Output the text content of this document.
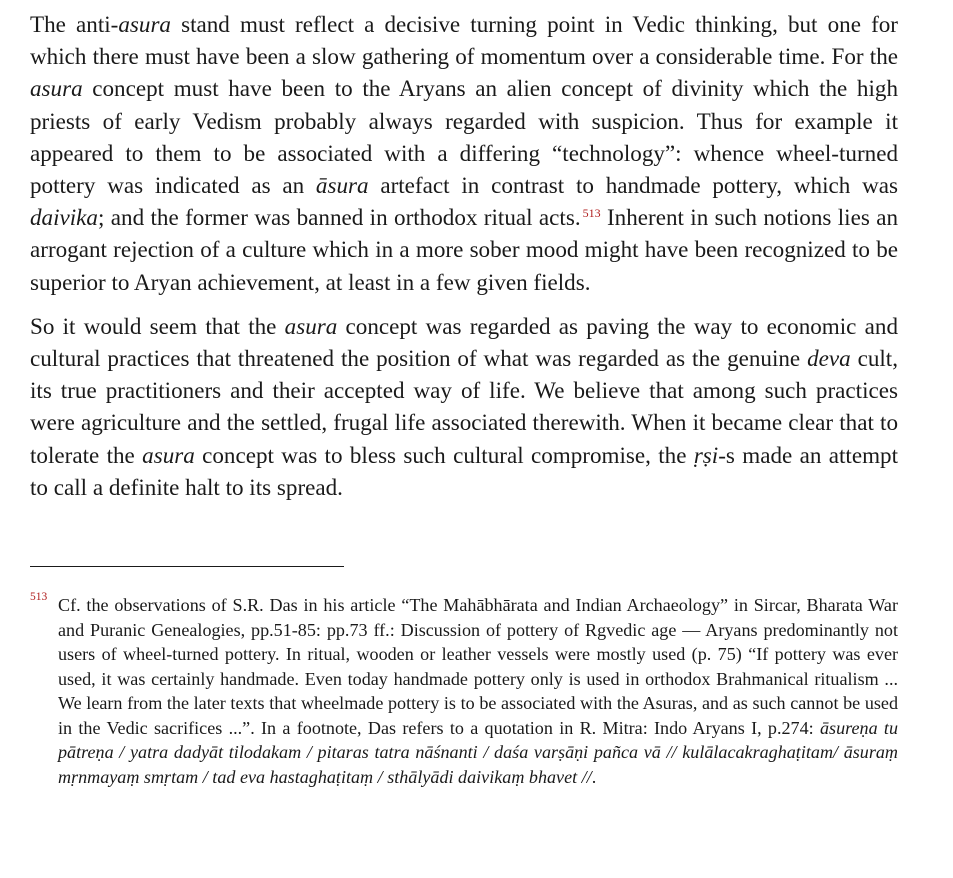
The anti-asura stand must reflect a decisive turning point in Vedic thinking, but one for which there must have been a slow gathering of momentum over a considerable time. For the asura concept must have been to the Aryans an alien concept of divinity which the high priests of early Vedism probably always regarded with suspicion. Thus for example it appeared to them to be associated with a differing “technology”: whence wheel-turned pottery was indicated as an āsura artefact in contrast to handmade pottery, which was daivika; and the former was banned in orthodox ritual acts. $^{513}$ Inherent in such notions lies an arrogant rejection of a culture which in a more sober mood might have been recognized to be superior to Aryan achievement, at least in a few given fields.

So it would seem that the asura concept was regarded as paving the way to economic and cultural practices that threatened the position of what was regarded as the genuine deva cult, its true practitioners and their accepted way of life. We believe that among such practices were agriculture and the settled, frugal life associated therewith. When it became clear that to tolerate the asura concept was to bless such cultural compromise, the ṛṣi-s made an attempt to call a definite halt to its spread.

513 Cf. the observations of S.R. Das in his article “The Mahābhārata and Indian Archaeology” in Sircar, Bharata War and Puranic Genealogies, pp.51-85: pp.73 ff.: Discussion of pottery of Rgvedic age — Aryans predominantly not users of wheel-turned pottery. In ritual, wooden or leather vessels were mostly used (p. 75) “If pottery was ever used, it was certainly handmade. Even today handmade pottery only is used in orthodox Brahmanical ritualism ... We learn from the later texts that wheelmade pottery is to be associated with the Asuras, and as such cannot be used in the Vedic sacrifices ...”. In a footnote, Das refers to a quotation in R. Mitra: Indo Aryans I, p.274: āsureṇa tu pātreṇa / yatra dadyāt tilodakam / pitaras tatra nāśnanti / daśa varṣāṇi pañca vā // kulālacakraghaṭitam/ āsuraṃ mṛnmayaṃ smṛtam / tad eva hastaghaṭitaṃ / sthālyādi daivikaṃ bhavet //.
